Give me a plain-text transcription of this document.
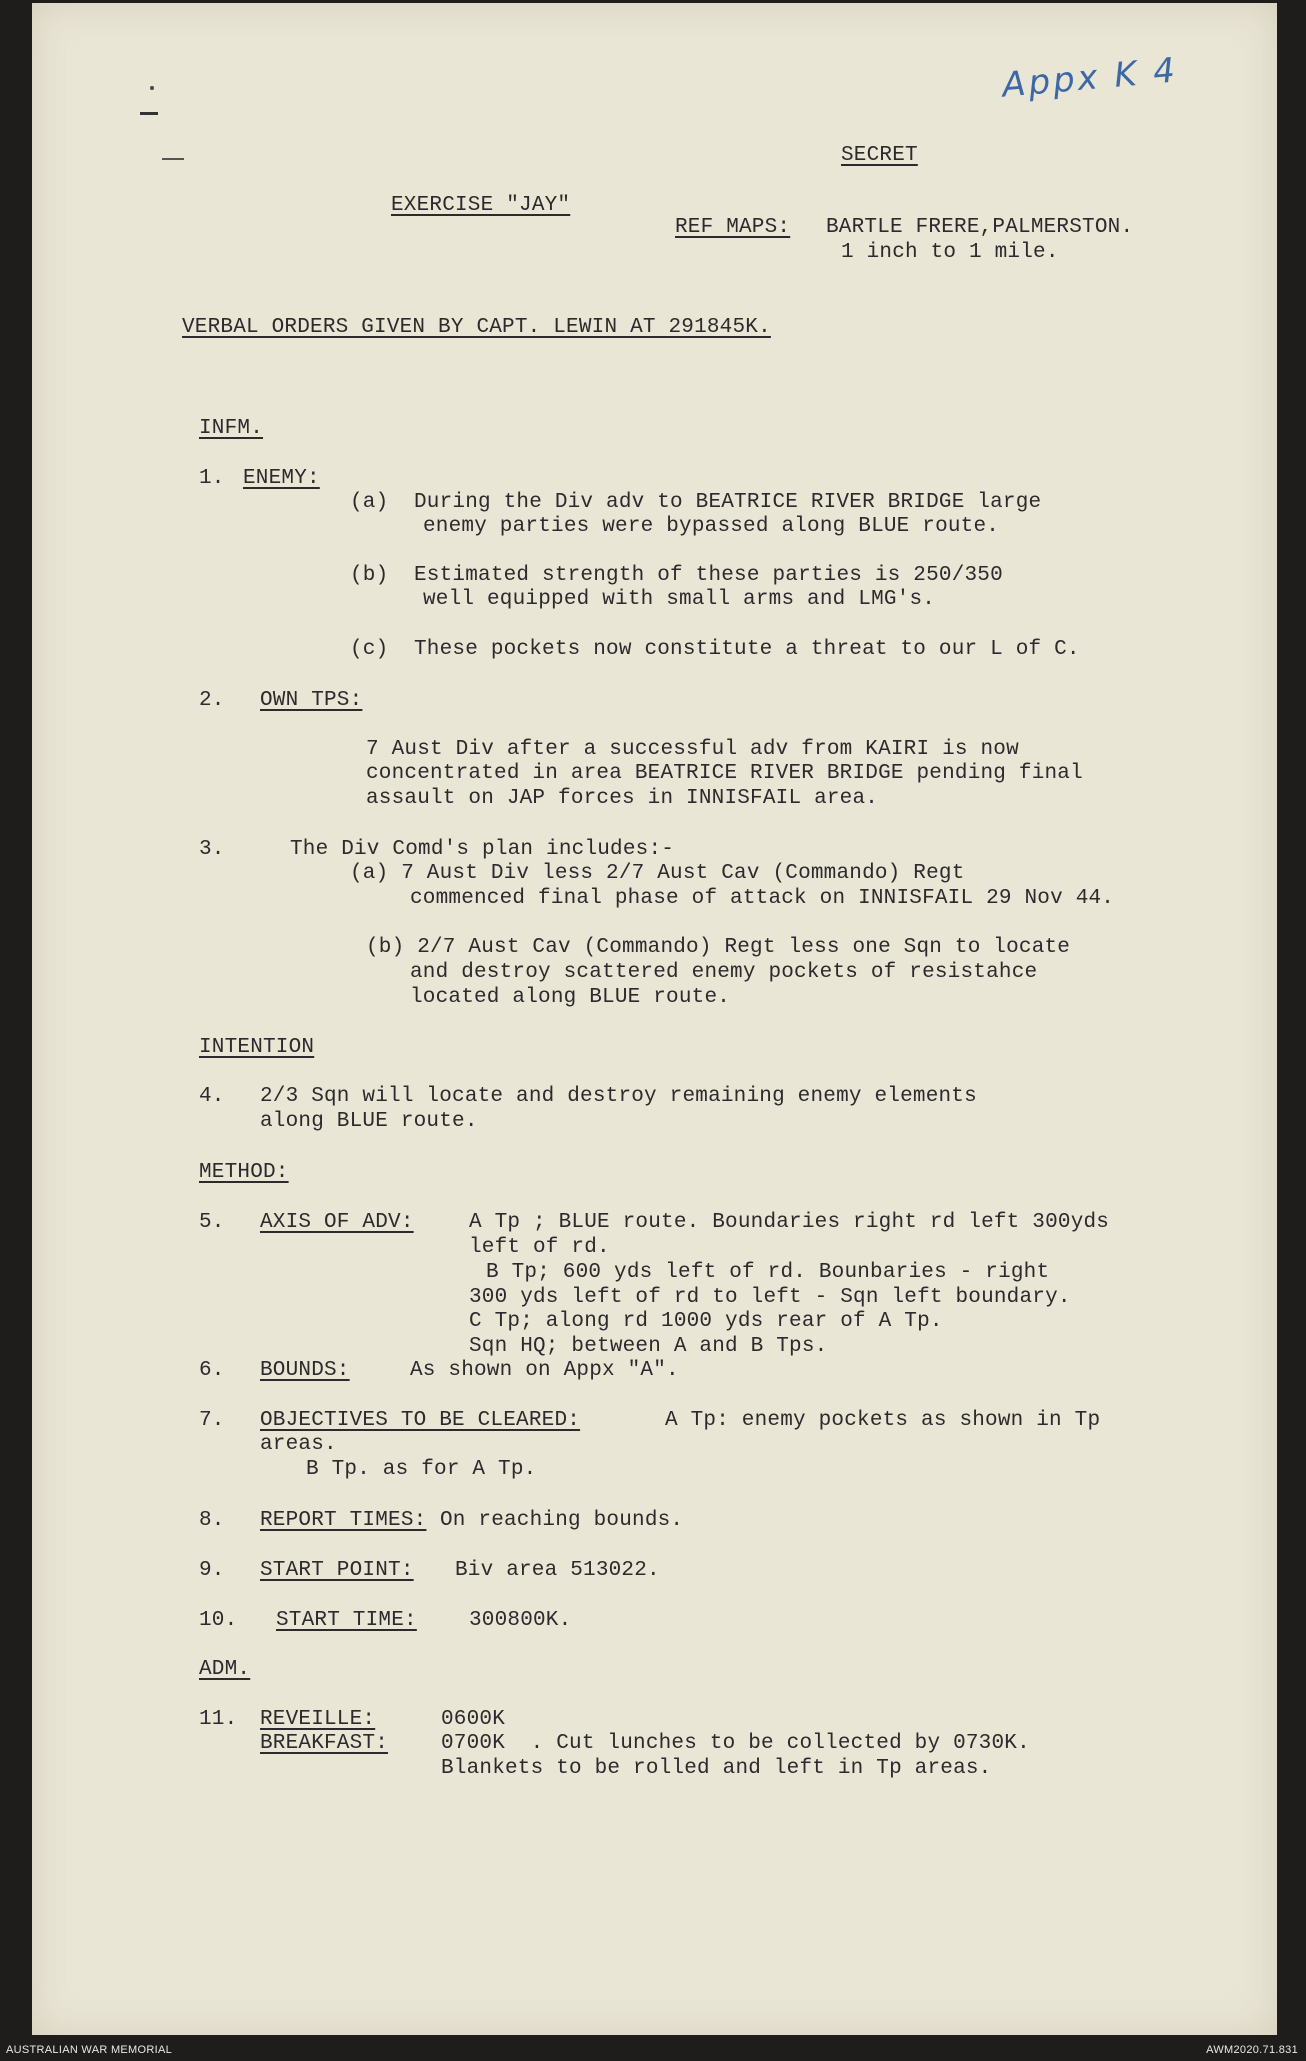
Appx K 4
SECRET
EXERCISE "JAY"
REF MAPS: BARTLE FRERE,PALMERSTON.
1 inch to 1 mile.
VERBAL ORDERS GIVEN BY CAPT. LEWIN AT 291845K.
INFM.
1. ENEMY:
(a)  During the Div adv to BEATRICE RIVER BRIDGE large
enemy parties were bypassed along BLUE route.
(b)  Estimated strength of these parties is 250/350
well equipped with small arms and LMG's.
(c)  These pockets now constitute a threat to our L of C.
2. OWN TPS:
7 Aust Div after a successful adv from KAIRI is now
concentrated in area BEATRICE RIVER BRIDGE pending final
assault on JAP forces in INNISFAIL area.
3.	The Div Comd's plan includes:-
(a) 7 Aust Div less 2/7 Aust Cav (Commando) Regt
commenced final phase of attack on INNISFAIL 29 Nov 44.
(b) 2/7 Aust Cav (Commando) Regt less one Sqn to locate
and destroy scattered enemy pockets of resistahce
located along BLUE route.
INTENTION
4. 2/3 Sqn will locate and destroy remaining enemy elements
along BLUE route.
METHOD:
5. AXIS OF ADV:	A Tp ; BLUE route. Boundaries right rd left 300yds
left of rd.
B Tp; 600 yds left of rd. Bounbaries - right
300 yds left of rd to left - Sqn left boundary.
C Tp; along rd 1000 yds rear of A Tp.
Sqn HQ; between A and B Tps.
6. BOUNDS:	As shown on Appx "A".
7. OBJECTIVES TO BE CLEARED:	A Tp: enemy pockets as shown in Tp
areas.
B Tp. as for A Tp.
8. REPORT TIMES: On reaching bounds.
9. START POINT: Biv area 513022.
10. START TIME: 300800K.
ADM.
11. REVEILLE:	0600K
BREAKFAST:	0700K  . Cut lunches to be collected by 0730K.
Blankets to be rolled and left in Tp areas.
AUSTRALIAN WAR MEMORIAL	AWM2020.71.831
